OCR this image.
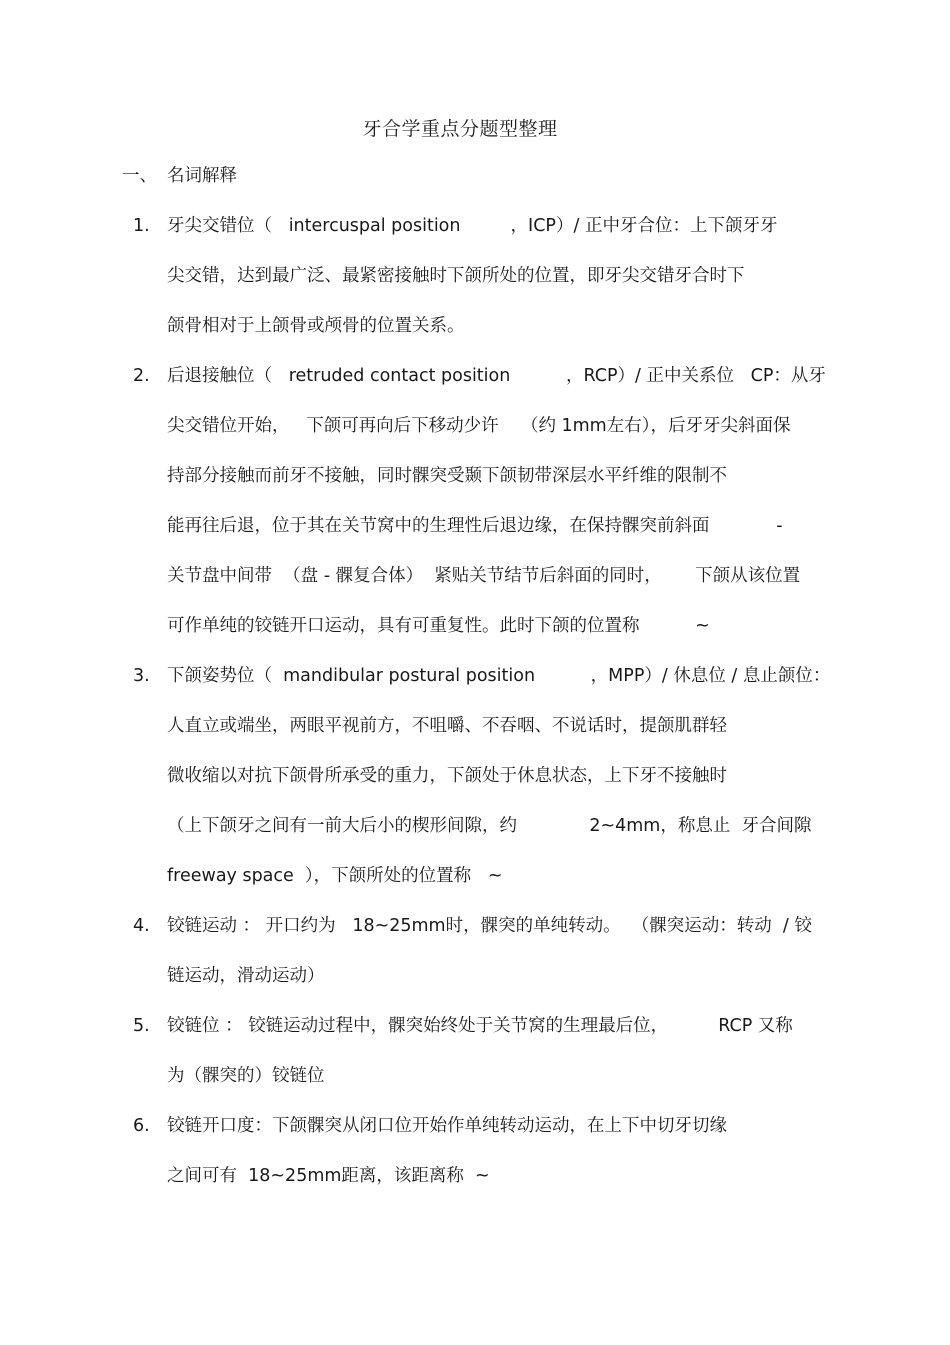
牙合学重点分题型整理
一、 名词解释
1. 牙尖交错位（   intercuspal position         ，ICP）/ 正中牙合位：上下颌牙牙
尖交错，达到最广泛、最紧密接触时下颌所处的位置，即牙尖交错牙合时下
颌骨相对于上颌骨或颅骨的位置关系。
2. 后退接触位（   retruded contact position          ，RCP）/ 正中关系位   CP：从牙
尖交错位开始，   下颌可再向后下移动少许    （约 1mm左右），后牙牙尖斜面保
持部分接触而前牙不接触，同时髁突受颞下颌韧带深层水平纤维的限制不
能再往后退，位于其在关节窝中的生理性后退边缘，在保持髁突前斜面            -
关节盘中间带  （盘 - 髁复合体）  紧贴关节结节后斜面的同时，      下颌从该位置
可作单纯的铰链开口运动，具有可重复性。此时下颌的位置称          ~
3. 下颌姿势位（  mandibular postural position          ，MPP）/ 休息位 / 息止颌位：
人直立或端坐，两眼平视前方，不咀嚼、不吞咽、不说话时，提颌肌群轻
微收缩以对抗下颌骨所承受的重力，下颌处于休息状态，上下牙不接触时
（上下颌牙之间有一前大后小的楔形间隙，约             2~4mm，称息止  牙合间隙
freeway space  ），下颌所处的位置称   ~
4. 铰链运动 ： 开口约为   18~25mm时，髁突的单纯转动。  （髁突运动：转动  / 铰
链运动，滑动运动）
5. 铰链位 ： 铰链运动过程中，髁突始终处于关节窝的生理最后位，         RCP 又称
为（髁突的）铰链位
6. 铰链开口度：下颌髁突从闭口位开始作单纯转动运动，在上下中切牙切缘
之间可有  18~25mm距离，该距离称  ~
